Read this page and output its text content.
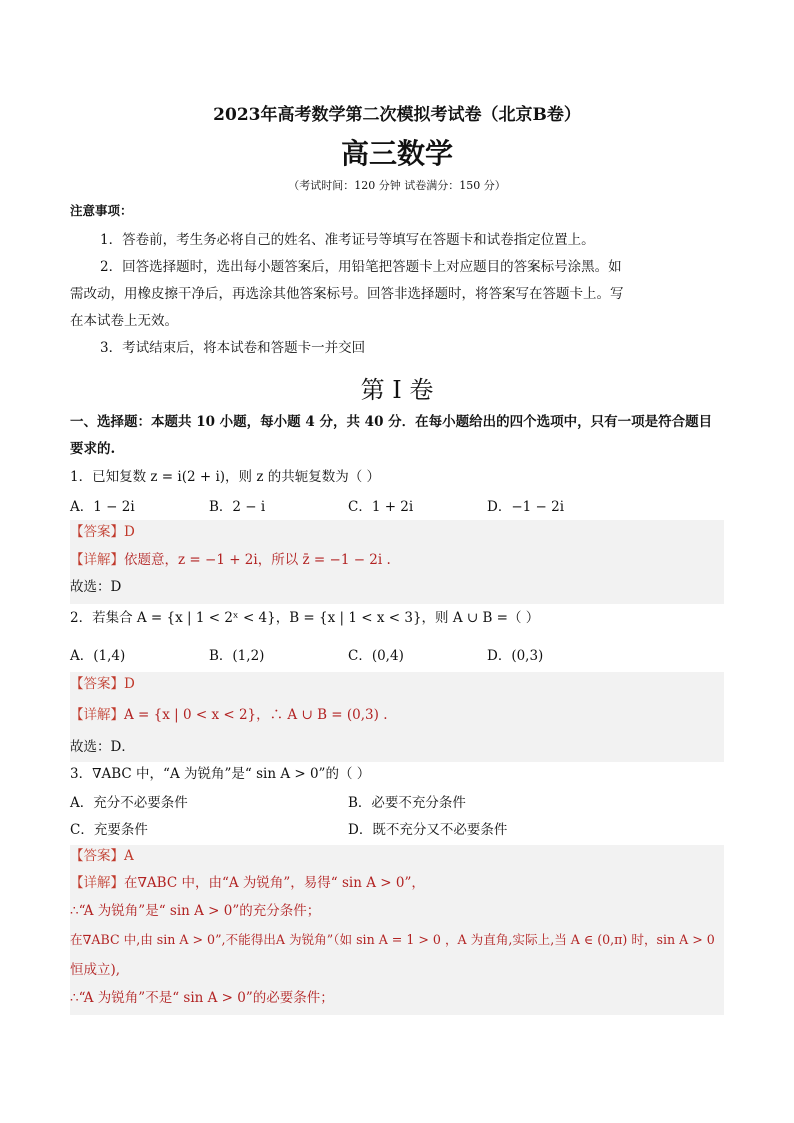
2023年高考数学第二次模拟考试卷（北京B卷）
高三数学
（考试时间：120 分钟 试卷满分：150 分）
注意事项：
1．答卷前，考生务必将自己的姓名、准考证号等填写在答题卡和试卷指定位置上。
2．回答选择题时，选出每小题答案后，用铅笔把答题卡上对应题目的答案标号涂黑。如
需改动，用橡皮擦干净后，再选涂其他答案标号。回答非选择题时，将答案写在答题卡上。写
在本试卷上无效。
3．考试结束后，将本试卷和答题卡一并交回
第 I 卷
一、选择题：本题共 10 小题，每小题 4 分，共 40 分．在每小题给出的四个选项中，只有一项是符合题目
要求的.
1．已知复数 z = i(2 + i)，则 z 的共轭复数为（ ）
A．1 − 2i	B．2 − i	C．1 + 2i	D．−1 − 2i
【答案】D
【详解】依题意，z = −1 + 2i，所以 z̄ = −1 − 2i .
故选：D
2．若集合 A = {x | 1 < 2ˣ < 4}，B = {x | 1 < x < 3}，则 A ∪ B =（ ）
A．(1,4)	B．(1,2)	C．(0,4)	D．(0,3)
【答案】D
【详解】A = {x | 0 < x < 2}，∴ A ∪ B = (0,3) .
故选：D．
3．∇ABC 中，“A 为锐角”是“ sin A > 0”的（ ）
A．充分不必要条件	B．必要不充分条件
C．充要条件	D．既不充分又不必要条件
【答案】A
【详解】在∇ABC 中，由“A 为锐角”，易得“ sin A > 0”，
∴“A 为锐角”是“ sin A > 0”的充分条件；
在∇ABC 中,由 sin A > 0”,不能得出A 为锐角”（如 sin A = 1 > 0 ，A 为直角,实际上,当 A ∈ (0,π) 时，sin A > 0
恒成立),
∴“A 为锐角”不是“ sin A > 0”的必要条件；
